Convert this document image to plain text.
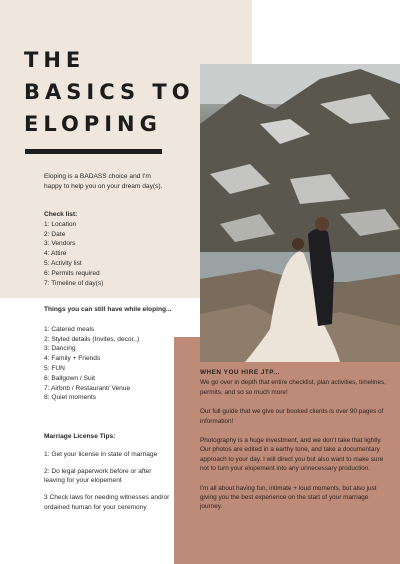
THE
BASICS TO
ELOPING

Eloping is a BADASS choice and I'm happy to help you on your dream day(s).

Check list:
1: Location
2: Date
3: Vendors
4: Attire
5: Activity list
6: Permits required
7: Timeline of day(s)
Things you can still have while eloping...
1: Catered meals
2: Styled details (Invites, decor..)
3: Dancing
4: Family + Friends
5: FUN
6: Ballgown / Suit
7: Airbnb / Restaurant/ Venue
8: Quiet moments
Marriage License Tips:
1: Get your license in state of marriage
2: Do legal paperwork before or after leaving for your elopement
3 Check laws for needing witnesses and/or ordained human for your ceremony
WHEN YOU HIRE JTP...
We go over in depth that entire checklist, plan activities, timelines, permits, and so so much more!
Our full guide that we give our booked clients is over 90 pages of information!
Photography is a huge investment, and we don't take that lightly. Our photos are edited in a earthy tone, and take a documentary approach to your day. I will direct you but also want to make sure not to turn your elopement into any unnecessary production.
I'm all about having fun, intimate + loud moments, but also just giving you the best experience on the start of your marriage journey.
